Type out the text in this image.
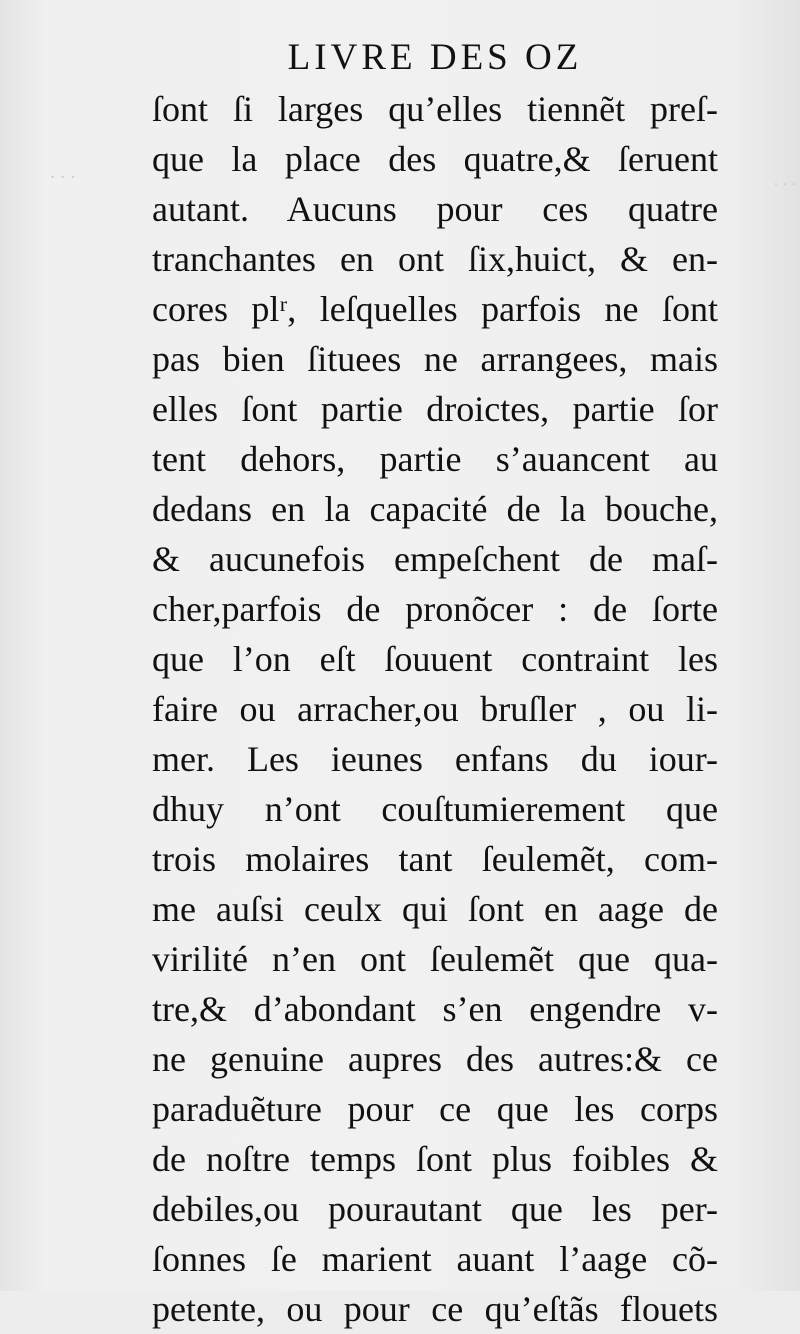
. . .	. . .
LIVRE DES OZ
ſont ſi larges qu’elles tiennẽt preſ-
que la place des quatre,& ſeruent
autant. Aucuns pour ces quatre
tranchantes en ont ſix,huict, & en-
cores plʳ, leſquelles parfois ne ſont
pas bien ſituees ne arrangees, mais
elles ſont partie droictes, partie ſor
tent dehors, partie s’auancent au
dedans en la capacité de la bouche,
& aucunefois empeſchent de maſ-
cher,parfois de pronõcer : de ſorte
que l’on eſt ſouuent contraint les
faire ou arracher,ou bruſler , ou li-
mer. Les ieunes enfans du iour-
dhuy n’ont couſtumierement que
trois molaires tant ſeulemẽt, com-
me auſsi ceulx qui ſont en aage de
virilité n’en ont ſeulemẽt que qua-
tre,& d’abondant s’en engendre v-
ne genuine aupres des autres:& ce
paraduẽture pour ce que les corps
de noſtre temps ſont plus foibles &
debiles,ou pourautant que les per-
ſonnes ſe marient auant l’aage cõ-
petente, ou pour ce qu’eſtãs flouets
